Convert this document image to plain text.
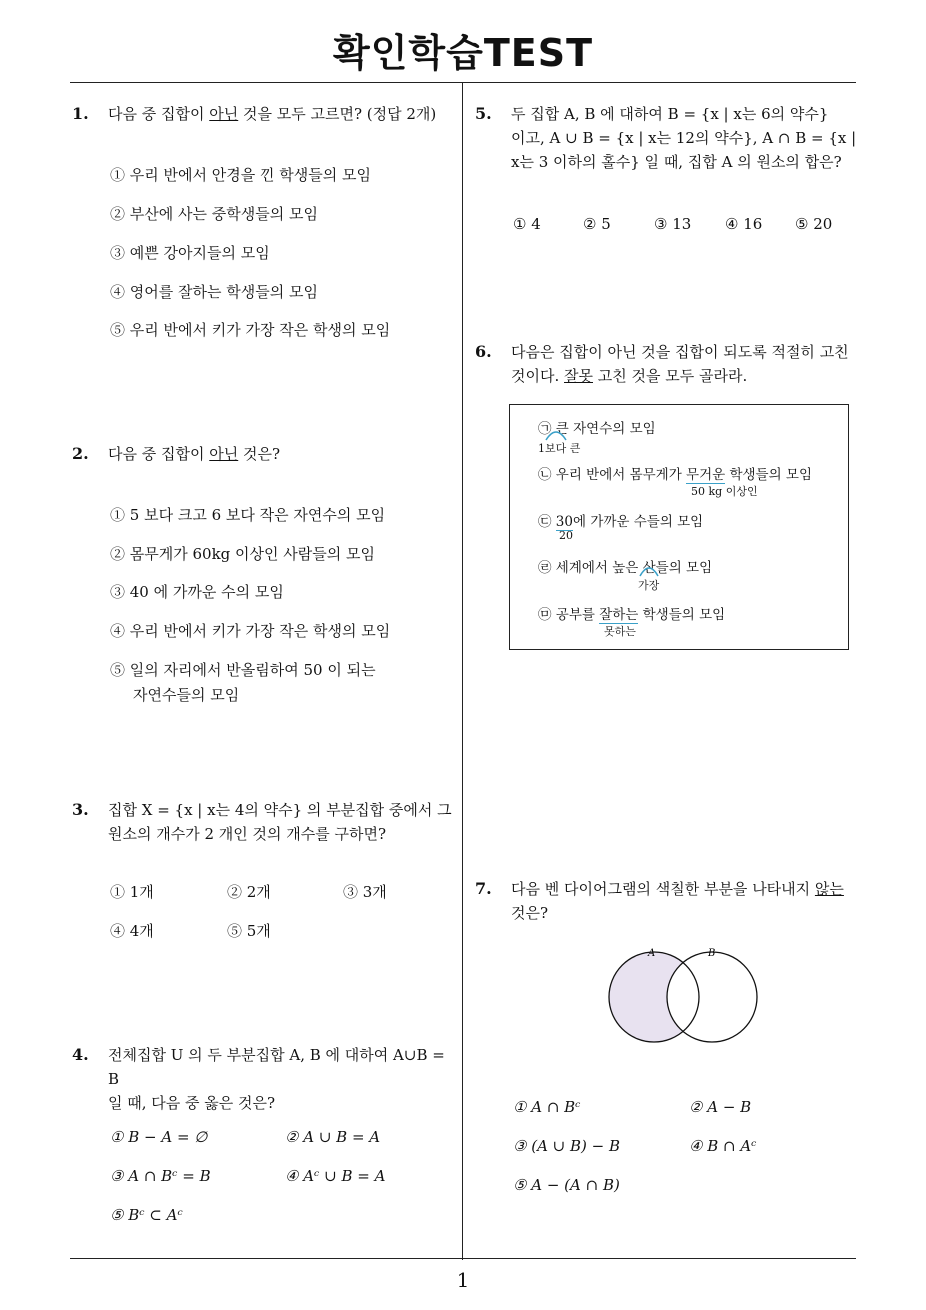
확인학습TEST
1
1. 다음 중 집합이 아닌 것을 모두 고르면? (정답 2개)
① 우리 반에서 안경을 낀 학생들의 모임
② 부산에 사는 중학생들의 모임
③ 예쁜 강아지들의 모임
④ 영어를 잘하는 학생들의 모임
⑤ 우리 반에서 키가 가장 작은 학생의 모임
2. 다음 중 집합이 아닌 것은?
① 5 보다 크고 6 보다 작은 자연수의 모임
② 몸무게가 60kg 이상인 사람들의 모임
③ 40 에 가까운 수의 모임
④ 우리 반에서 키가 가장 작은 학생의 모임
⑤ 일의 자리에서 반올림하여 50 이 되는
자연수들의 모임
3. 집합 X = {x | x는 4의 약수} 의 부분집합 중에서 그
원소의 개수가 2 개인 것의 개수를 구하면?
① 1개	② 2개	③ 3개
④ 4개	⑤ 5개
4. 전체집합 U 의 두 부분집합 A, B 에 대하여 A∪B = B
일 때, 다음 중 옳은 것은?
① B − A = ∅	② A ∪ B = A
③ A ∩ Bᶜ = B	④ Aᶜ ∪ B = A
⑤ Bᶜ ⊂ Aᶜ
5. 두 집합 A, B 에 대하여 B = {x | x는 6의 약수}
이고, A ∪ B = {x | x는 12의 약수}, A ∩ B = {x |
x는 3 이하의 홀수} 일 때, 집합 A 의 원소의 합은?
① 4	② 5	③ 13 ④ 16 ⑤ 20
6. 다음은 집합이 아닌 것을 집합이 되도록 적절히 고친
것이다. 잘못 고친 것을 모두 골라라.
㉠ 큰 자연수의 모임
1보다 큰
㉡ 우리 반에서 몸무게가 무거운 학생들의 모임
50 kg 이상인
㉢ 30에 가까운 수들의 모임
20
㉣ 세계에서 높은 산들의 모임
가장
㉤ 공부를 잘하는 학생들의 모임
못하는
7. 다음 벤 다이어그램의 색칠한 부분을 나타내지 않는
것은?
A	B
① A ∩ Bᶜ	② A − B
③ (A ∪ B) − B	④ B ∩ Aᶜ
⑤ A − (A ∩ B)
